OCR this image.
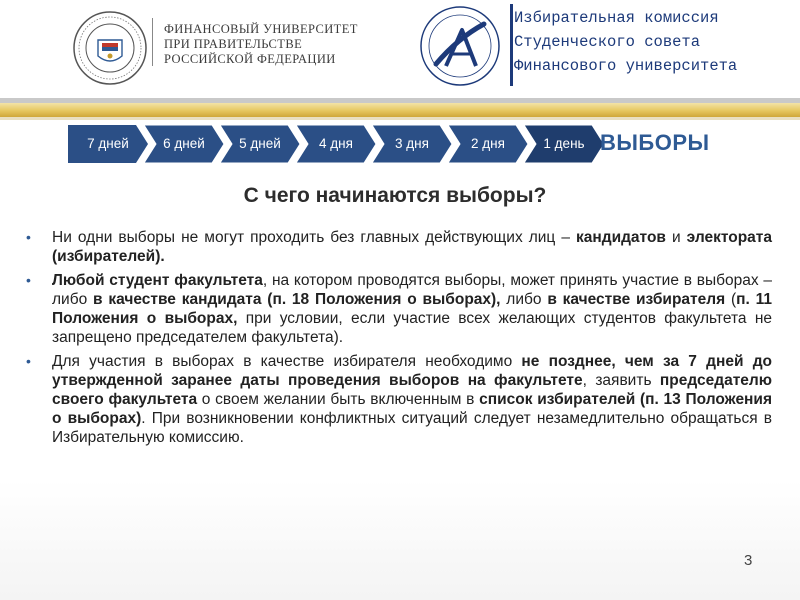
ФИНАНСОВЫЙ УНИВЕРСИТЕТ
ПРИ ПРАВИТЕЛЬСТВЕ
РОССИЙСКОЙ ФЕДЕРАЦИИ
Избирательная комиссия
Студенческого совета
Финансового университета
7 дней	6 дней	5 дней	4 дня	3 дня	2 дня	1 день ВЫБОРЫ
С чего начинаются выборы?
• Ни одни выборы не могут проходить без главных действующих лиц – кандидатов и электората (избирателей).
• Любой студент факультета, на котором проводятся выборы, может принять участие в выборах – либо в качестве кандидата (п. 18 Положения о выборах), либо в качестве избирателя (п. 11 Положения о выборах, при условии, если участие всех желающих студентов факультета не запрещено председателем факультета).
• Для участия в выборах в качестве избирателя необходимо не позднее, чем за 7 дней до утвержденной заранее даты проведения выборов на факультете, заявить председателю своего факультета о своем желании быть включенным в список избирателей (п. 13 Положения о выборах). При возникновении конфликтных ситуаций следует незамедлительно обращаться в Избирательную комиссию.
3
